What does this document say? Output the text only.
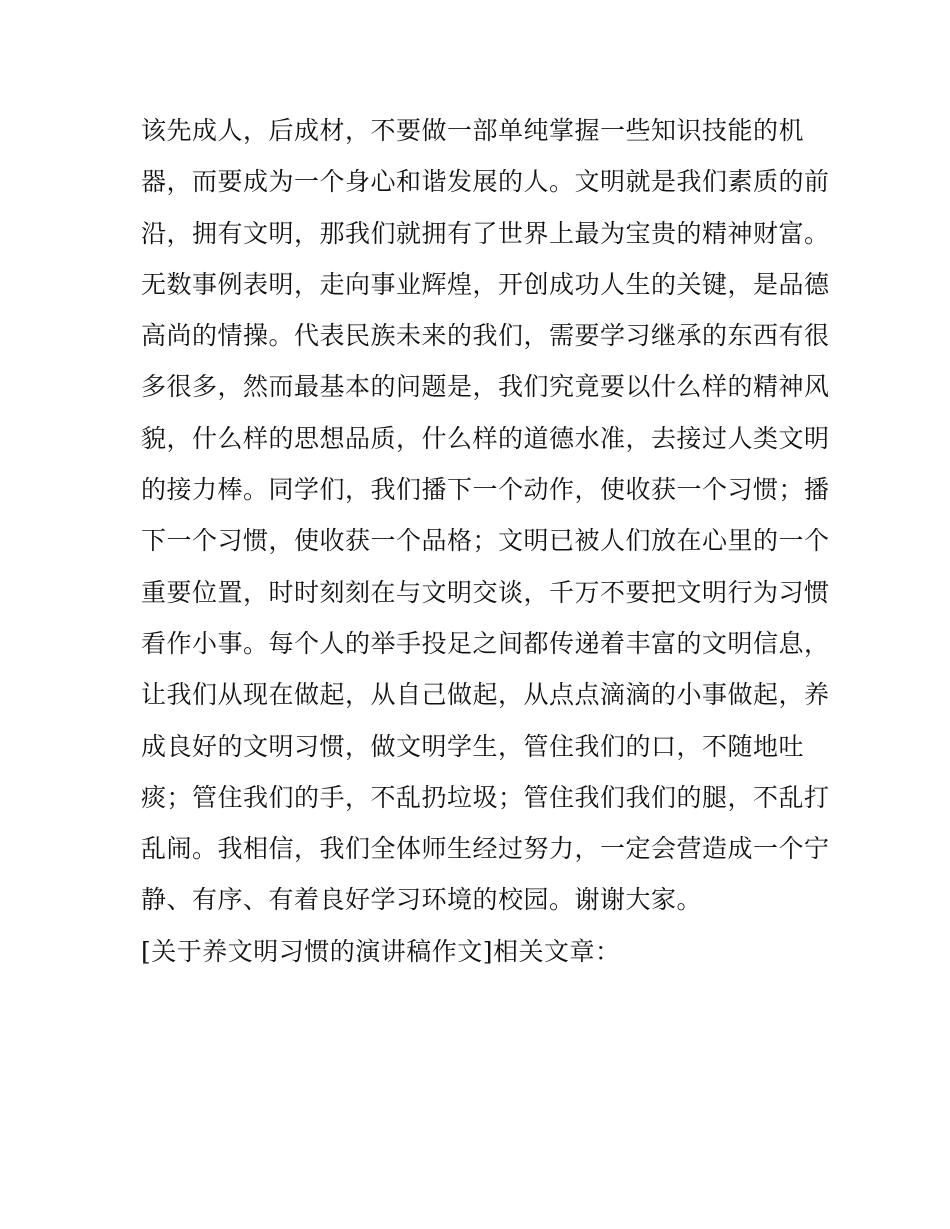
该先成人，后成材，不要做一部单纯掌握一些知识技能的机
器，而要成为一个身心和谐发展的人。文明就是我们素质的前
沿，拥有文明，那我们就拥有了世界上最为宝贵的精神财富。
无数事例表明，走向事业辉煌，开创成功人生的关键，是品德
高尚的情操。代表民族未来的我们，需要学习继承的东西有很
多很多，然而最基本的问题是，我们究竟要以什么样的精神风
貌，什么样的思想品质，什么样的道德水准，去接过人类文明
的接力棒。同学们，我们播下一个动作，使收获一个习惯；播
下一个习惯，使收获一个品格；文明已被人们放在心里的一个
重要位置，时时刻刻在与文明交谈，千万不要把文明行为习惯
看作小事。每个人的举手投足之间都传递着丰富的文明信息，
让我们从现在做起，从自己做起，从点点滴滴的小事做起，养
成良好的文明习惯，做文明学生，管住我们的口，不随地吐
痰；管住我们的手，不乱扔垃圾；管住我们我们的腿，不乱打
乱闹。我相信，我们全体师生经过努力，一定会营造成一个宁
静、有序、有着良好学习环境的校园。谢谢大家。
[关于养文明习惯的演讲稿作文]相关文章：
